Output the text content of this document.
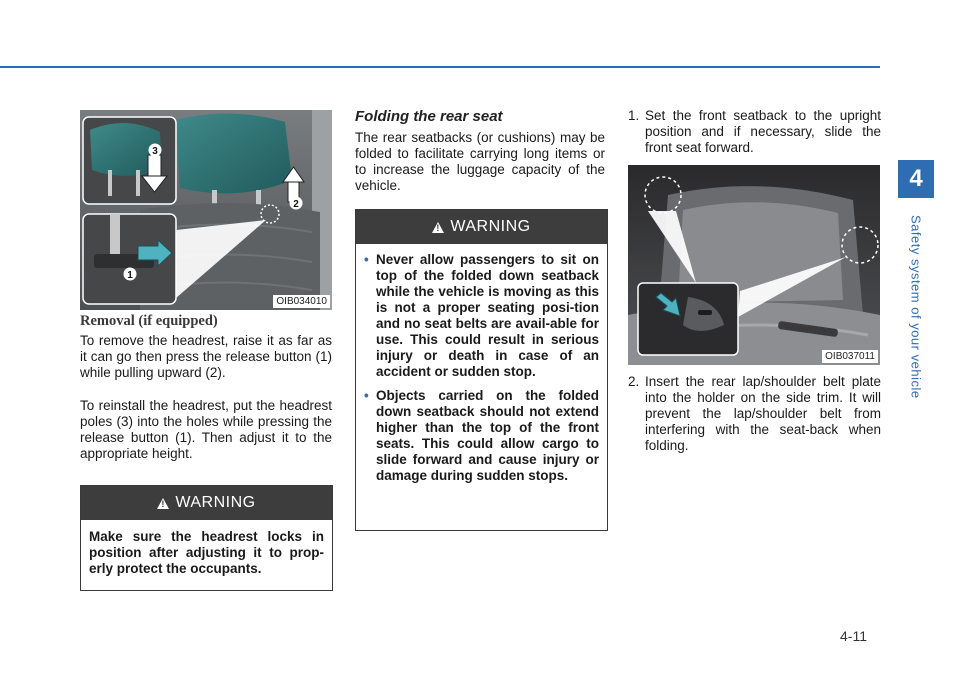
4
Safety system of your vehicle
3
2
1
OIB034010
Removal (if equipped)

To remove the headrest, raise it as far as it can go then press the release button (1) while pulling upward (2).

To reinstall the headrest, put the headrest poles (3) into the holes while pressing the release button (1). Then adjust it to the appropriate height.

!
WARNING

Make sure the headrest locks in position after adjusting it to prop-erly protect the occupants.

Folding the rear seat

The rear seatbacks (or cushions) may be folded to facilitate carrying long items or to increase the luggage capacity of the vehicle.

!
WARNING
• Never allow passengers to sit on top of the folded down seatback while the vehicle is moving as this is not a proper seating posi-tion and no seat belts are avail-able for use. This could result in serious injury or death in case of an accident or sudden stop.
• Objects carried on the folded down seatback should not extend higher than the top of the front seats. This could allow cargo to slide forward and cause injury or damage during sudden stops.
1. Set the front seatback to the upright position and if necessary, slide the front seat forward.
OIB037011
2. Insert the rear lap/shoulder belt plate into the holder on the side trim. It will prevent the lap/shoulder belt from interfering with the seat-back when folding.
4-11
